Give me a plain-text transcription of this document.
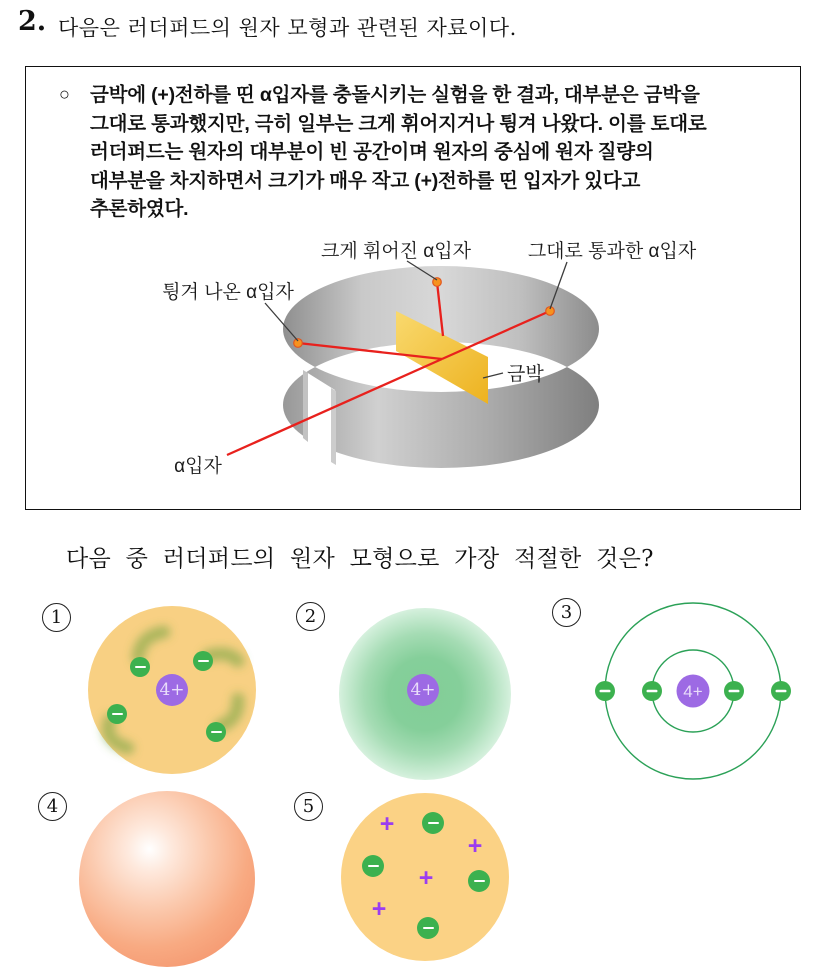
2. 다음은 러더퍼드의 원자 모형과 관련된 자료이다.
○ 금박에 (+)전하를 띤 α입자를 충돌시키는 실험을 한 결과, 대부분은 금박을
그대로 통과했지만, 극히 일부는 크게 휘어지거나 튕겨 나왔다. 이를 토대로
러더퍼드는 원자의 대부분이 빈 공간이며 원자의 중심에 원자 질량의
대부분을 차지하면서 크기가 매우 작고 (+)전하를 띤 입자가 있다고
추론하였다.
크게 휘어진 α입자	그대로 통과한 α입자
튕겨 나온 α입자
금박
α입자
다음 중 러더퍼드의 원자 모형으로 가장 적절한 것은?
1
4+
2
4+
3
4+
4	5
+
+
+
+
